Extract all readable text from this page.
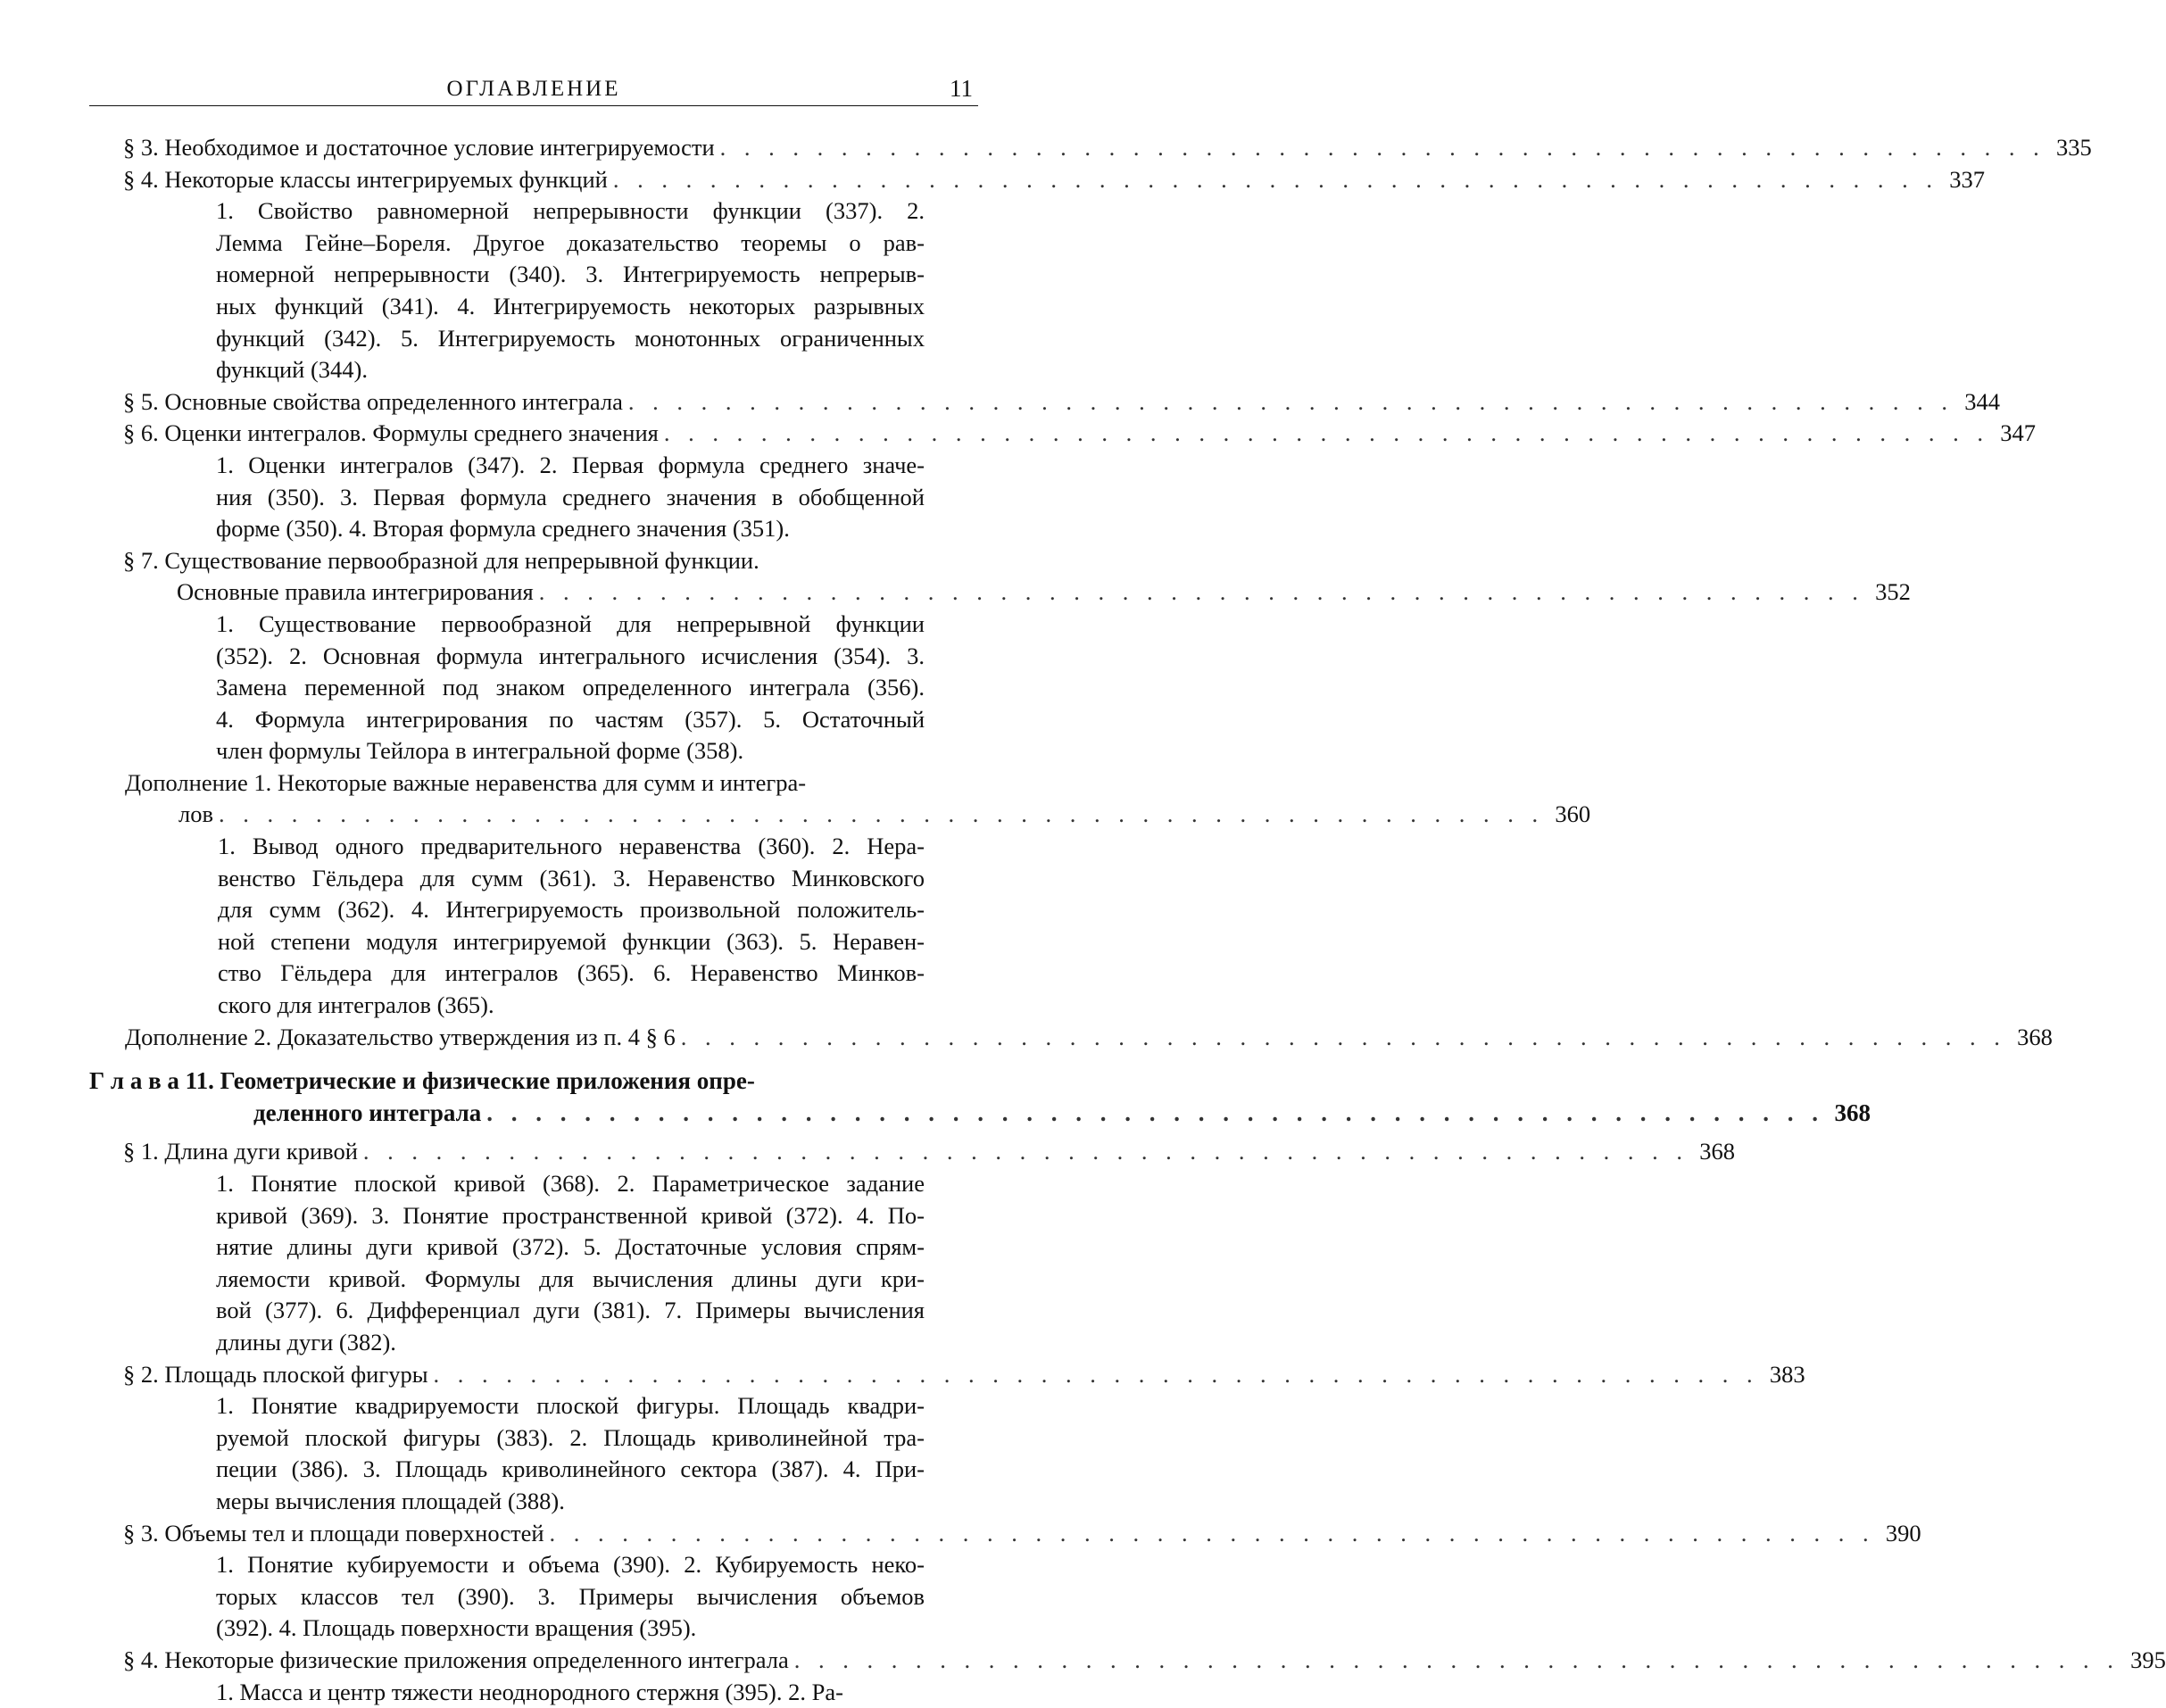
ОГЛАВЛЕНИЕ	11
§ 3. Необходимое и достаточное условие интегрируемости . . . . . . . . . . . . . . . . . . . . . . . . . . . . . . . . . . . . . . . . . . . . . . . . . . . . . . . 335
§ 4. Некоторые классы интегрируемых функций . . . . . . . . . . . . . . . . . . . . . . . . . . . . . . . . . . . . . . . . . . . . . . . . . . . . . . . 337
1. Свойство равномерной непрерывности функции (337). 2.
Лемма Гейне–Бореля. Другое доказательство теоремы о рав-
номерной непрерывности (340). 3. Интегрируемость непрерыв-
ных функций (341). 4. Интегрируемость некоторых разрывных
функций (342). 5. Интегрируемость монотонных ограниченных
функций (344).
§ 5. Основные свойства определенного интеграла . . . . . . . . . . . . . . . . . . . . . . . . . . . . . . . . . . . . . . . . . . . . . . . . . . . . . . . 344
§ 6. Оценки интегралов. Формулы среднего значения . . . . . . . . . . . . . . . . . . . . . . . . . . . . . . . . . . . . . . . . . . . . . . . . . . . . . . . 347
1. Оценки интегралов (347). 2. Первая формула среднего значе-
ния (350). 3. Первая формула среднего значения в обобщенной
форме (350). 4. Вторая формула среднего значения (351).
§ 7. Существование первообразной для непрерывной функции.
Основные правила интегрирования . . . . . . . . . . . . . . . . . . . . . . . . . . . . . . . . . . . . . . . . . . . . . . . . . . . . . . . 352
1. Существование первообразной для непрерывной функции
(352). 2. Основная формула интегрального исчисления (354). 3.
Замена переменной под знаком определенного интеграла (356).
4. Формула интегрирования по частям (357). 5. Остаточный
член формулы Тейлора в интегральной форме (358).
Дополнение 1. Некоторые важные неравенства для сумм и интегра-
лов . . . . . . . . . . . . . . . . . . . . . . . . . . . . . . . . . . . . . . . . . . . . . . . . . . . . . . . 360
1. Вывод одного предварительного неравенства (360). 2. Нера-
венство Гёльдера для сумм (361). 3. Неравенство Минковского
для сумм (362). 4. Интегрируемость произвольной положитель-
ной степени модуля интегрируемой функции (363). 5. Неравен-
ство Гёльдера для интегралов (365). 6. Неравенство Минков-
ского для интегралов (365).
Дополнение 2. Доказательство утверждения из п. 4 § 6 . . . . . . . . . . . . . . . . . . . . . . . . . . . . . . . . . . . . . . . . . . . . . . . . . . . . . . . 368
Г л а в а 11. Геометрические и физические приложения опре-
деленного интеграла . . . . . . . . . . . . . . . . . . . . . . . . . . . . . . . . . . . . . . . . . . . . . . . . . . . . . . . 368
§ 1. Длина дуги кривой . . . . . . . . . . . . . . . . . . . . . . . . . . . . . . . . . . . . . . . . . . . . . . . . . . . . . . . 368
1. Понятие плоской кривой (368). 2. Параметрическое задание
кривой (369). 3. Понятие пространственной кривой (372). 4. По-
нятие длины дуги кривой (372). 5. Достаточные условия спрям-
ляемости кривой. Формулы для вычисления длины дуги кри-
вой (377). 6. Дифференциал дуги (381). 7. Примеры вычисления
длины дуги (382).
§ 2. Площадь плоской фигуры . . . . . . . . . . . . . . . . . . . . . . . . . . . . . . . . . . . . . . . . . . . . . . . . . . . . . . . 383
1. Понятие квадрируемости плоской фигуры. Площадь квадри-
руемой плоской фигуры (383). 2. Площадь криволинейной тра-
пеции (386). 3. Площадь криволинейного сектора (387). 4. При-
меры вычисления площадей (388).
§ 3. Объемы тел и площади поверхностей . . . . . . . . . . . . . . . . . . . . . . . . . . . . . . . . . . . . . . . . . . . . . . . . . . . . . . . 390
1. Понятие кубируемости и объема (390). 2. Кубируемость неко-
торых классов тел (390). 3. Примеры вычисления объемов
(392). 4. Площадь поверхности вращения (395).
§ 4. Некоторые физические приложения определенного интеграла . . . . . . . . . . . . . . . . . . . . . . . . . . . . . . . . . . . . . . . . . . . . . . . . . . . . . . . 395
1. Масса и центр тяжести неоднородного стержня (395). 2. Ра-
